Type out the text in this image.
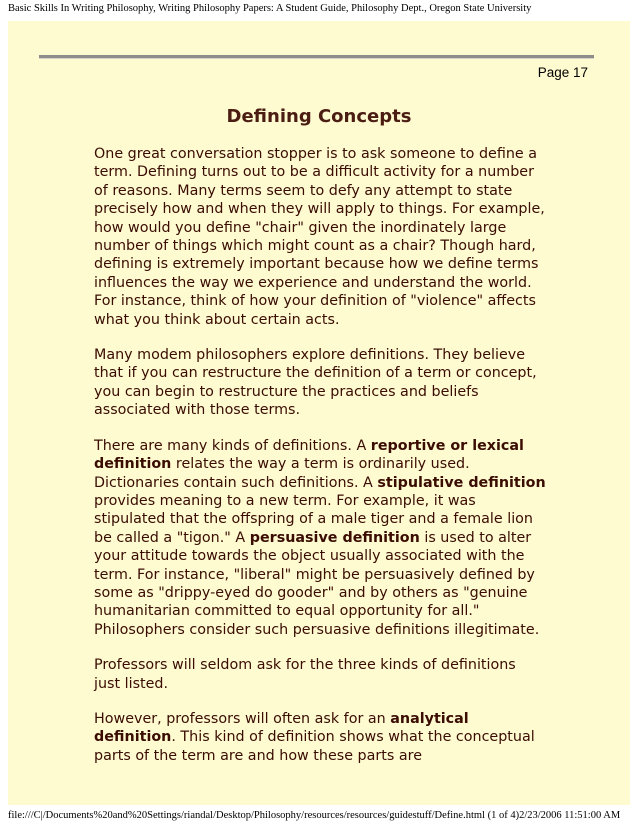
Basic Skills In Writing Philosophy, Writing Philosophy Papers: A Student Guide, Philosophy Dept., Oregon State University
Page 17
Defining Concepts

One great conversation stopper is to ask someone to define a term. Defining turns out to be a difficult activity for a number of reasons. Many terms seem to defy any attempt to state precisely how and when they will apply to things. For example, how would you define "chair" given the inordinately large number of things which might count as a chair? Though hard, defining is extremely important because how we define terms influences the way we experience and understand the world. For instance, think of how your definition of "violence" affects what you think about certain acts.

Many modem philosophers explore definitions. They believe that if you can restructure the definition of a term or concept, you can begin to restructure the practices and beliefs associated with those terms.

There are many kinds of definitions. A reportive or lexical definition relates the way a term is ordinarily used. Dictionaries contain such definitions. A stipulative definition provides meaning to a new term. For example, it was stipulated that the offspring of a male tiger and a female lion be called a "tigon." A persuasive definition is used to alter your attitude towards the object usually associated with the term. For instance, "liberal" might be persuasively defined by some as "drippy-eyed do gooder" and by others as "genuine humanitarian committed to equal opportunity for all." Philosophers consider such persuasive definitions illegitimate.

Professors will seldom ask for the three kinds of definitions just listed.

However, professors will often ask for an analytical definition. This kind of definition shows what the conceptual parts of the term are and how these parts are

file:///C|/Documents%20and%20Settings/riandal/Desktop/Philosophy/resources/resources/guidestuff/Define.html (1 of 4)2/23/2006 11:51:00 AM
